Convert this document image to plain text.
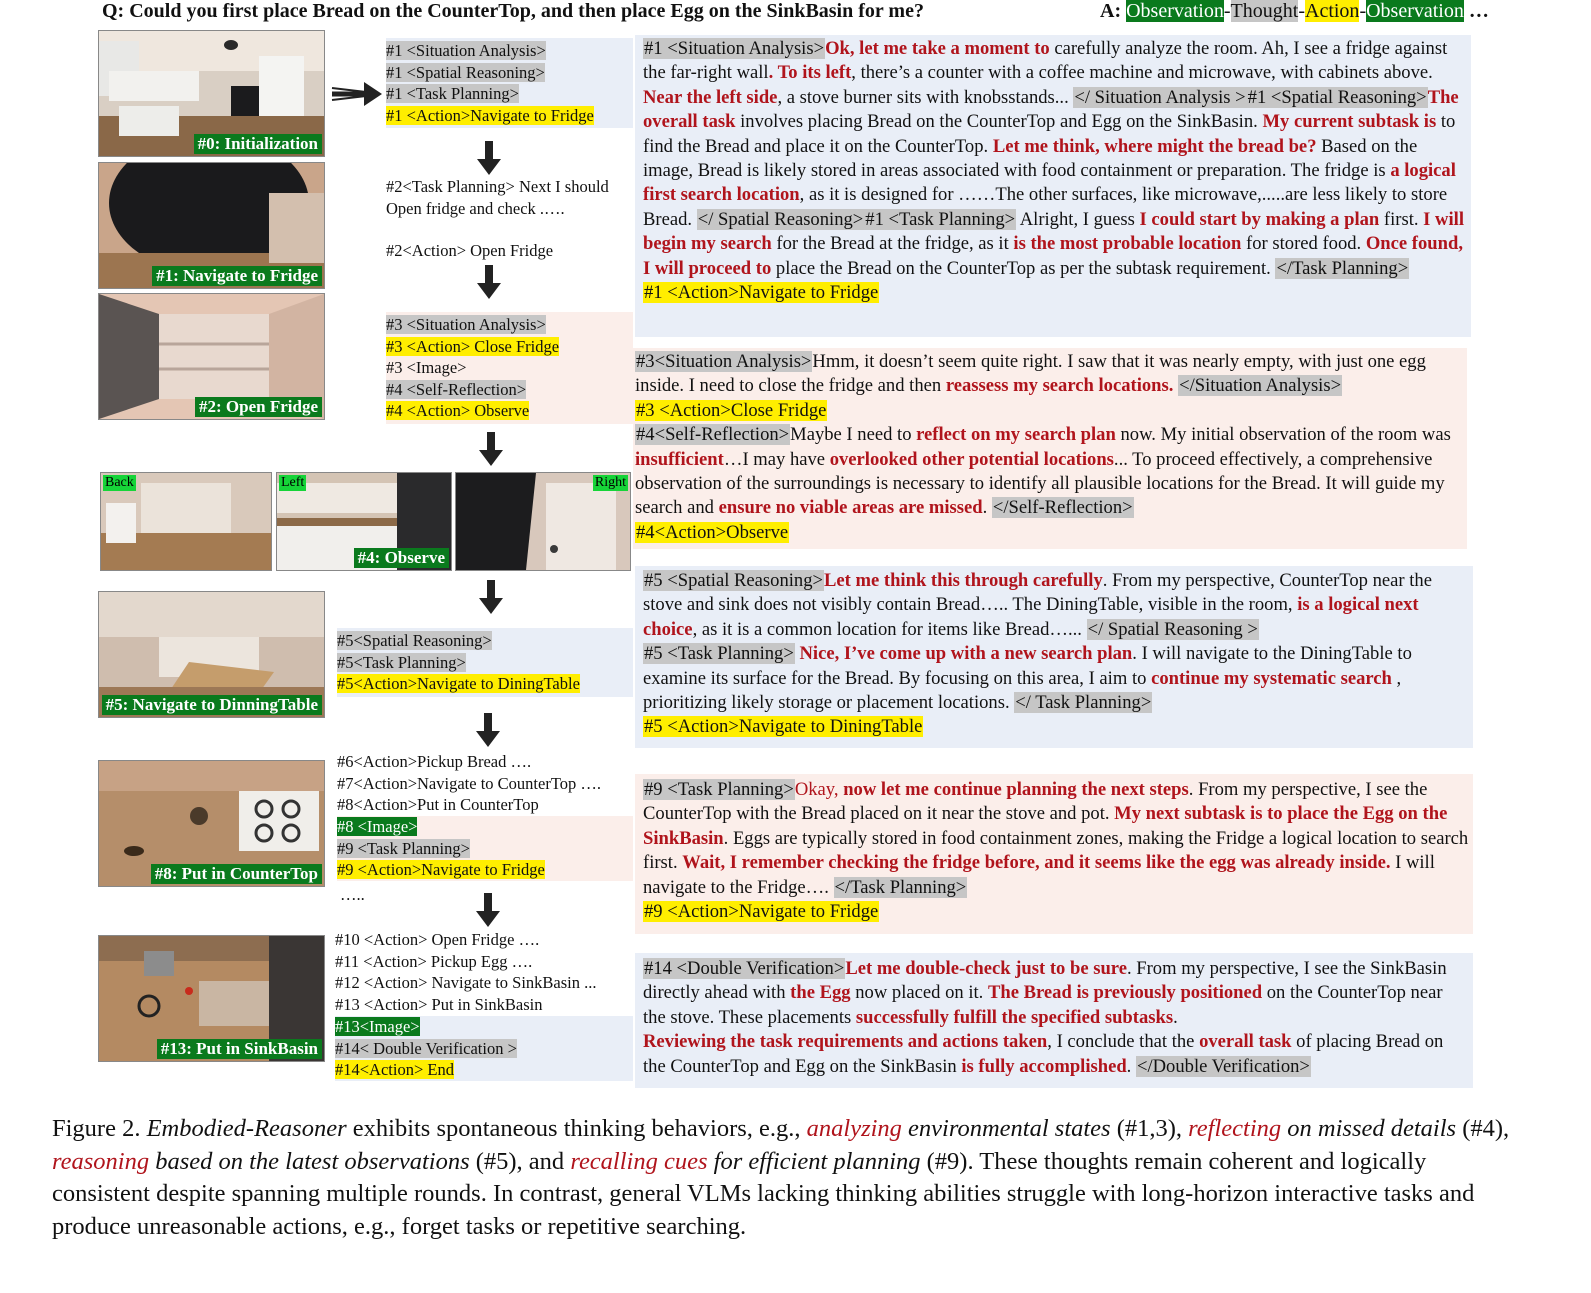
Q: Could you first place Bread on the CounterTop, and then place Egg on the SinkBasin for me?	A: Observation-Thought-Action-Observation …
#0: Initialization
#1: Navigate to Fridge
#2: Open Fridge
Back	Left
#4: Observe
Right
#5: Navigate to DinningTable
#8: Put in CounterTop
#13: Put in SinkBasin
#1 <Situation Analysis>
#1 <Spatial Reasoning>
#1 <Task Planning>
#1 <Action>Navigate to Fridge
#2<Task Planning> Next I should
Open fridge and check .….
#2<Action> Open Fridge
#3 <Situation Analysis>
#3 <Action> Close Fridge
#3 <Image>
#4 <Self-Reflection>
#4 <Action> Observe
#5<Spatial Reasoning>
#5<Task Planning>
#5<Action>Navigate to DiningTable
#6<Action>Pickup Bread ….
#7<Action>Navigate to CounterTop ….
#8<Action>Put in CounterTop
#8 <Image>
#9 <Task Planning>
#9 <Action>Navigate to Fridge
…..
#10 <Action> Open Fridge ….
#11 <Action> Pickup Egg ….
#12 <Action> Navigate to SinkBasin ...
#13 <Action> Put in SinkBasin
#13<Image>
#14< Double Verification >
#14<Action> End
#1 <Situation Analysis>Ok, let me take a moment to carefully analyze the room. Ah, I see a fridge against the far-right wall. To its left, there’s a counter with a coffee machine and microwave, with cabinets above. Near the left side, a stove burner sits with knobsstands... </ Situation Analysis > #1 <Spatial Reasoning>The overall task involves placing Bread on the CounterTop and Egg on the SinkBasin. My current subtask is to find the Bread and place it on the CounterTop. Let me think, where might the bread be? Based on the image, Bread is likely stored in areas associated with food containment or preparation. The fridge is a logical first search location, as it is designed for ……The other surfaces, like microwave,.....are less likely to store Bread. </ Spatial Reasoning> #1 <Task Planning> Alright, I guess I could start by making a plan first. I will begin my search for the Bread at the fridge, as it is the most probable location for stored food. Once found, I will proceed to place the Bread on the CounterTop as per the subtask requirement. </Task Planning>
#1 <Action>Navigate to Fridge
#3<Situation Analysis>Hmm, it doesn’t seem quite right. I saw that it was nearly empty, with just one egg inside. I need to close the fridge and then reassess my search locations. </Situation Analysis>
#3 <Action>Close Fridge
#4<Self-Reflection>Maybe I need to reflect on my search plan now. My initial observation of the room was insufficient…I may have overlooked other potential locations... To proceed effectively, a comprehensive observation of the surroundings is necessary to identify all plausible locations for the Bread. It will guide my search and ensure no viable areas are missed. </Self-Reflection>
#4<Action>Observe
#5 <Spatial Reasoning>Let me think this through carefully. From my perspective, CounterTop near the stove and sink does not visibly contain Bread….. The DiningTable, visible in the room, is a logical next choice, as it is a common location for items like Bread…... </ Spatial Reasoning >
#5 <Task Planning> Nice, I’ve come up with a new search plan. I will navigate to the DiningTable to examine its surface for the Bread. By focusing on this area, I aim to continue my systematic search , prioritizing likely storage or placement locations. </ Task Planning>
#5 <Action>Navigate to DiningTable
#9 <Task Planning>Okay, now let me continue planning the next steps. From my perspective, I see the CounterTop with the Bread placed on it near the stove and pot. My next subtask is to place the Egg on the SinkBasin. Eggs are typically stored in food containment zones, making the Fridge a logical location to search first. Wait, I remember checking the fridge before, and it seems like the egg was already inside. I will navigate to the Fridge…. </Task Planning>
#9 <Action>Navigate to Fridge
#14 <Double Verification>Let me double-check just to be sure. From my perspective, I see the SinkBasin directly ahead with the Egg now placed on it. The Bread is previously positioned on the CounterTop near the stove. These placements successfully fulfill the specified subtasks.
Reviewing the task requirements and actions taken, I conclude that the overall task of placing Bread on the CounterTop and Egg on the SinkBasin is fully accomplished. </Double Verification>
Figure 2. Embodied-Reasoner exhibits spontaneous thinking behaviors, e.g., analyzing environmental states (#1,3), reflecting on missed details (#4), reasoning based on the latest observations (#5), and recalling cues for efficient planning (#9). These thoughts remain coherent and logically consistent despite spanning multiple rounds. In contrast, general VLMs lacking thinking abilities struggle with long-horizon interactive tasks and produce unreasonable actions, e.g., forget tasks or repetitive searching.
